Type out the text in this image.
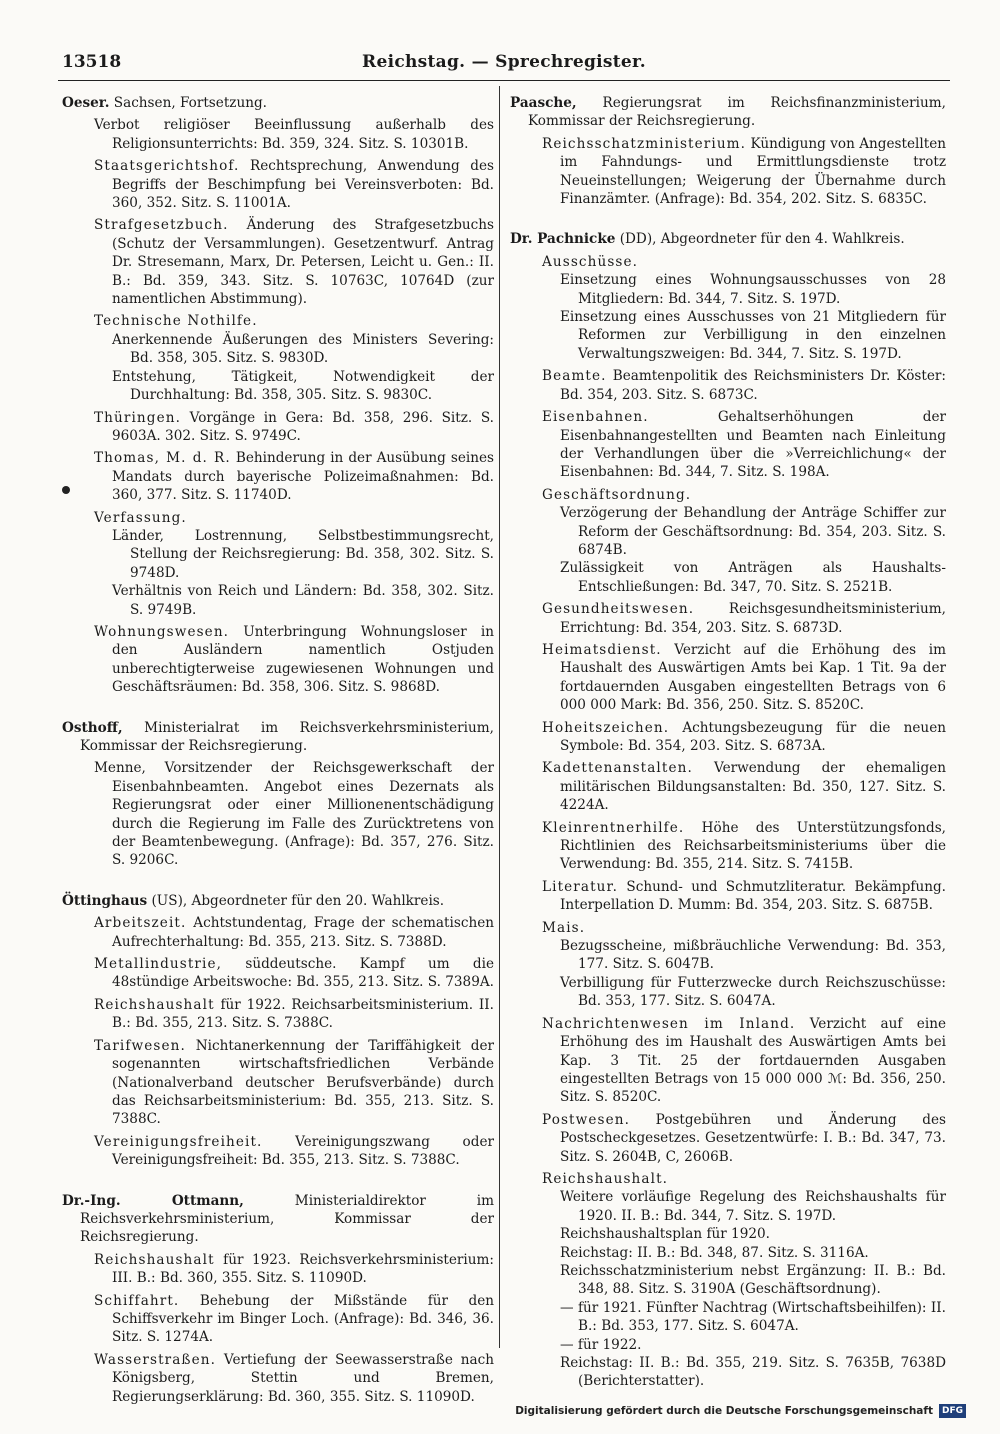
13518	Reichstag. — Sprechregister.
Oeser. Sachsen, Fortsetzung.
Verbot religiöser Beeinflussung außerhalb des Religionsunterrichts: Bd. 359, 324. Sitz. S. 10301B.
Staatsgerichtshof. Rechtsprechung, Anwendung des Begriffs der Beschimpfung bei Vereinsverboten: Bd. 360, 352. Sitz. S. 11001A.
Strafgesetzbuch. Änderung des Strafgesetzbuchs (Schutz der Versammlungen). Gesetzentwurf. Antrag Dr. Stresemann, Marx, Dr. Petersen, Leicht u. Gen.: II. B.: Bd. 359, 343. Sitz. S. 10763C, 10764D (zur namentlichen Abstimmung).
Technische Nothilfe.
Anerkennende Äußerungen des Ministers Severing: Bd. 358, 305. Sitz. S. 9830D.
Entstehung, Tätigkeit, Notwendigkeit der Durchhaltung: Bd. 358, 305. Sitz. S. 9830C.
Thüringen. Vorgänge in Gera: Bd. 358, 296. Sitz. S. 9603A. 302. Sitz. S. 9749C.
Thomas, M. d. R. Behinderung in der Ausübung seines Mandats durch bayerische Polizeimaßnahmen: Bd. 360, 377. Sitz. S. 11740D.
Verfassung.
Länder, Lostrennung, Selbstbestimmungsrecht, Stellung der Reichsregierung: Bd. 358, 302. Sitz. S. 9748D.
Verhältnis von Reich und Ländern: Bd. 358, 302. Sitz. S. 9749B.
Wohnungswesen. Unterbringung Wohnungsloser in den Ausländern namentlich Ostjuden unberechtigterweise zugewiesenen Wohnungen und Geschäftsräumen: Bd. 358, 306. Sitz. S. 9868D.
Osthoff, Ministerialrat im Reichsverkehrsministerium, Kommissar der Reichsregierung.
Menne, Vorsitzender der Reichsgewerkschaft der Eisenbahnbeamten. Angebot eines Dezernats als Regierungsrat oder einer Millionenentschädigung durch die Regierung im Falle des Zurücktretens von der Beamtenbewegung. (Anfrage): Bd. 357, 276. Sitz. S. 9206C.
Öttinghaus (US), Abgeordneter für den 20. Wahlkreis.
Arbeitszeit. Achtstundentag, Frage der schematischen Aufrechterhaltung: Bd. 355, 213. Sitz. S. 7388D.
Metallindustrie, süddeutsche. Kampf um die 48stündige Arbeitswoche: Bd. 355, 213. Sitz. S. 7389A.
Reichshaushalt für 1922. Reichsarbeitsministerium. II. B.: Bd. 355, 213. Sitz. S. 7388C.
Tarifwesen. Nichtanerkennung der Tariffähigkeit der sogenannten wirtschaftsfriedlichen Verbände (Nationalverband deutscher Berufsverbände) durch das Reichsarbeitsministerium: Bd. 355, 213. Sitz. S. 7388C.
Vereinigungsfreiheit. Vereinigungszwang oder Vereinigungsfreiheit: Bd. 355, 213. Sitz. S. 7388C.
Dr.-Ing. Ottmann, Ministerialdirektor im Reichsverkehrsministerium, Kommissar der Reichsregierung.
Reichshaushalt für 1923. Reichsverkehrsministerium: III. B.: Bd. 360, 355. Sitz. S. 11090D.
Schiffahrt. Behebung der Mißstände für den Schiffsverkehr im Binger Loch. (Anfrage): Bd. 346, 36. Sitz. S. 1274A.
Wasserstraßen. Vertiefung der Seewasserstraße nach Königsberg, Stettin und Bremen, Regierungserklärung: Bd. 360, 355. Sitz. S. 11090D.
Paasche, Regierungsrat im Reichsfinanzministerium, Kommissar der Reichsregierung.
Reichsschatzministerium. Kündigung von Angestellten im Fahndungs- und Ermittlungsdienste trotz Neueinstellungen; Weigerung der Übernahme durch Finanzämter. (Anfrage): Bd. 354, 202. Sitz. S. 6835C.
Dr. Pachnicke (DD), Abgeordneter für den 4. Wahlkreis.
Ausschüsse.
Einsetzung eines Wohnungsausschusses von 28 Mitgliedern: Bd. 344, 7. Sitz. S. 197D.
Einsetzung eines Ausschusses von 21 Mitgliedern für Reformen zur Verbilligung in den einzelnen Verwaltungszweigen: Bd. 344, 7. Sitz. S. 197D.
Beamte. Beamtenpolitik des Reichsministers Dr. Köster: Bd. 354, 203. Sitz. S. 6873C.
Eisenbahnen. Gehaltserhöhungen der Eisenbahnangestellten und Beamten nach Einleitung der Verhandlungen über die »Verreichlichung« der Eisenbahnen: Bd. 344, 7. Sitz. S. 198A.
Geschäftsordnung.
Verzögerung der Behandlung der Anträge Schiffer zur Reform der Geschäftsordnung: Bd. 354, 203. Sitz. S. 6874B.
Zulässigkeit von Anträgen als Haushalts-Entschließungen: Bd. 347, 70. Sitz. S. 2521B.
Gesundheitswesen. Reichsgesundheitsministerium, Errichtung: Bd. 354, 203. Sitz. S. 6873D.
Heimatsdienst. Verzicht auf die Erhöhung des im Haushalt des Auswärtigen Amts bei Kap. 1 Tit. 9a der fortdauernden Ausgaben eingestellten Betrags von 6 000 000 Mark: Bd. 356, 250. Sitz. S. 8520C.
Hoheitszeichen. Achtungsbezeugung für die neuen Symbole: Bd. 354, 203. Sitz. S. 6873A.
Kadettenanstalten. Verwendung der ehemaligen militärischen Bildungsanstalten: Bd. 350, 127. Sitz. S. 4224A.
Kleinrentnerhilfe. Höhe des Unterstützungsfonds, Richtlinien des Reichsarbeitsministeriums über die Verwendung: Bd. 355, 214. Sitz. S. 7415B.
Literatur. Schund- und Schmutzliteratur. Bekämpfung. Interpellation D. Mumm: Bd. 354, 203. Sitz. S. 6875B.
Mais.
Bezugsscheine, mißbräuchliche Verwendung: Bd. 353, 177. Sitz. S. 6047B.
Verbilligung für Futterzwecke durch Reichszuschüsse: Bd. 353, 177. Sitz. S. 6047A.
Nachrichtenwesen im Inland. Verzicht auf eine Erhöhung des im Haushalt des Auswärtigen Amts bei Kap. 3 Tit. 25 der fortdauernden Ausgaben eingestellten Betrags von 15 000 000 ℳ: Bd. 356, 250. Sitz. S. 8520C.
Postwesen. Postgebühren und Änderung des Postscheckgesetzes. Gesetzentwürfe: I. B.: Bd. 347, 73. Sitz. S. 2604B, C, 2606B.
Reichshaushalt.
Weitere vorläufige Regelung des Reichshaushalts für 1920. II. B.: Bd. 344, 7. Sitz. S. 197D.
Reichshaushaltsplan für 1920.
Reichstag: II. B.: Bd. 348, 87. Sitz. S. 3116A.
Reichsschatzministerium nebst Ergänzung: II. B.: Bd. 348, 88. Sitz. S. 3190A (Geschäftsordnung).
— für 1921. Fünfter Nachtrag (Wirtschaftsbeihilfen): II. B.: Bd. 353, 177. Sitz. S. 6047A.
— für 1922.
Reichstag: II. B.: Bd. 355, 219. Sitz. S. 7635B, 7638D (Berichterstatter).
Digitalisierung gefördert durch die Deutsche Forschungsgemeinschaft	DFG
